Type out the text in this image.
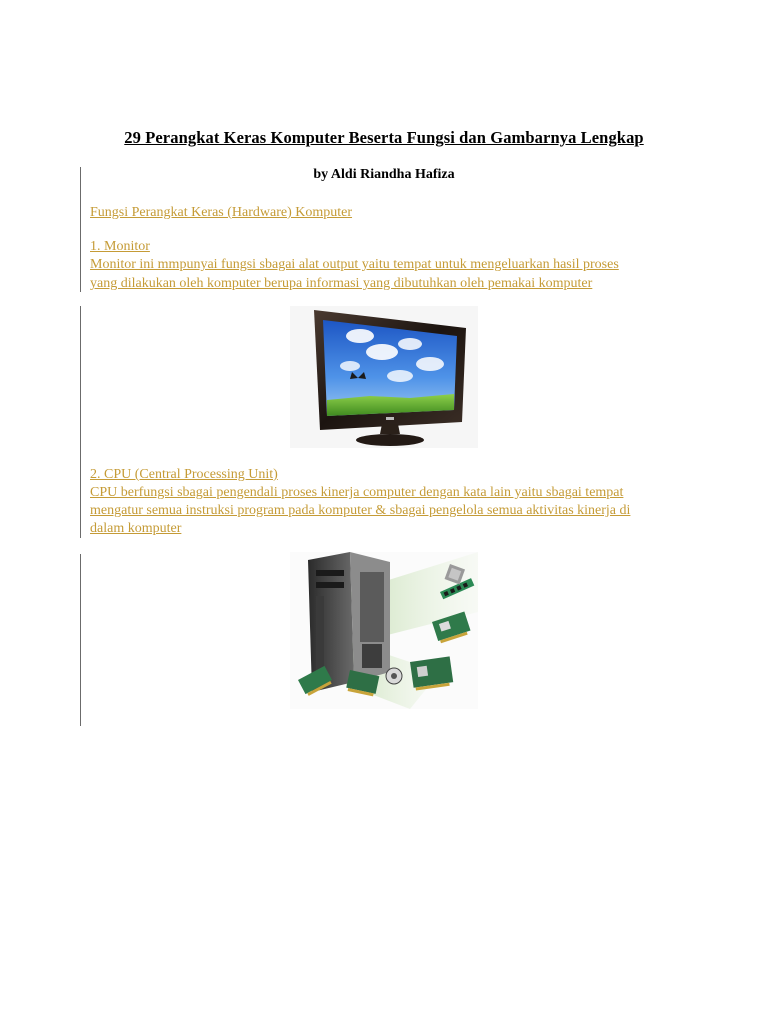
29 Perangkat Keras Komputer Beserta Fungsi dan Gambarnya Lengkap
by Aldi Riandha Hafiza
Fungsi Perangkat Keras (Hardware) Komputer
1. Monitor
Monitor ini mmpunyai fungsi sbagai alat output yaitu tempat untuk mengeluarkan hasil proses
yang dilakukan oleh komputer berupa informasi yang dibutuhkan oleh pemakai komputer
2. CPU (Central Processing Unit)
CPU berfungsi sbagai pengendali proses kinerja computer dengan kata lain yaitu sbagai tempat
mengatur semua instruksi program pada komputer & sbagai pengelola semua aktivitas kinerja di
dalam komputer
